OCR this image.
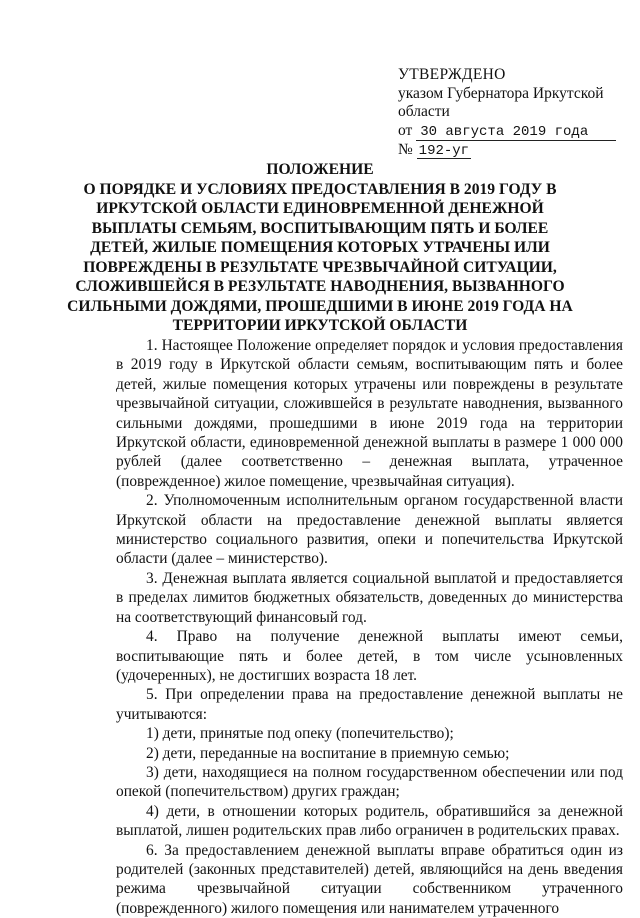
УТВЕРЖДЕНО
указом Губернатора Иркутской
области
от 30 августа 2019 года
№ 192-уг
ПОЛОЖЕНИЕ
О ПОРЯДКЕ И УСЛОВИЯХ ПРЕДОСТАВЛЕНИЯ В 2019 ГОДУ В
ИРКУТСКОЙ ОБЛАСТИ ЕДИНОВРЕМЕННОЙ ДЕНЕЖНОЙ
ВЫПЛАТЫ СЕМЬЯМ, ВОСПИТЫВАЮЩИМ ПЯТЬ И БОЛЕЕ
ДЕТЕЙ, ЖИЛЫЕ ПОМЕЩЕНИЯ КОТОРЫХ УТРАЧЕНЫ ИЛИ
ПОВРЕЖДЕНЫ В РЕЗУЛЬТАТЕ ЧРЕЗВЫЧАЙНОЙ СИТУАЦИИ,
СЛОЖИВШЕЙСЯ В РЕЗУЛЬТАТЕ НАВОДНЕНИЯ, ВЫЗВАННОГО
СИЛЬНЫМИ ДОЖДЯМИ, ПРОШЕДШИМИ В ИЮНЕ 2019 ГОДА НА
ТЕРРИТОРИИ ИРКУТСКОЙ ОБЛАСТИ

1. Настоящее Положение определяет порядок и условия предоставления в 2019 году в Иркутской области семьям, воспитывающим пять и более детей, жилые помещения которых утрачены или повреждены в результате чрезвычайной ситуации, сложившейся в результате наводнения, вызванного сильными дождями, прошедшими в июне 2019 года на территории Иркутской области, единовременной денежной выплаты в размере 1 000 000 рублей (далее соответственно – денежная выплата, утраченное (поврежденное) жилое помещение, чрезвычайная ситуация).

2. Уполномоченным исполнительным органом государственной власти Иркутской области на предоставление денежной выплаты является министерство социального развития, опеки и попечительства Иркутской области (далее – министерство).

3. Денежная выплата является социальной выплатой и предоставляется в пределах лимитов бюджетных обязательств, доведенных до министерства на соответствующий финансовый год.

4. Право на получение денежной выплаты имеют семьи, воспитывающие пять и более детей, в том числе усыновленных (удочеренных), не достигших возраста 18 лет.

5. При определении права на предоставление денежной выплаты не учитываются:

1) дети, принятые под опеку (попечительство);

2) дети, переданные на воспитание в приемную семью;

3) дети, находящиеся на полном государственном обеспечении или под опекой (попечительством) других граждан;

4) дети, в отношении которых родитель, обратившийся за денежной выплатой, лишен родительских прав либо ограничен в родительских правах.

6. За предоставлением денежной выплаты вправе обратиться один из родителей (законных представителей) детей, являющийся на день введения режима чрезвычайной ситуации собственником утраченного (поврежденного) жилого помещения или нанимателем утраченного
